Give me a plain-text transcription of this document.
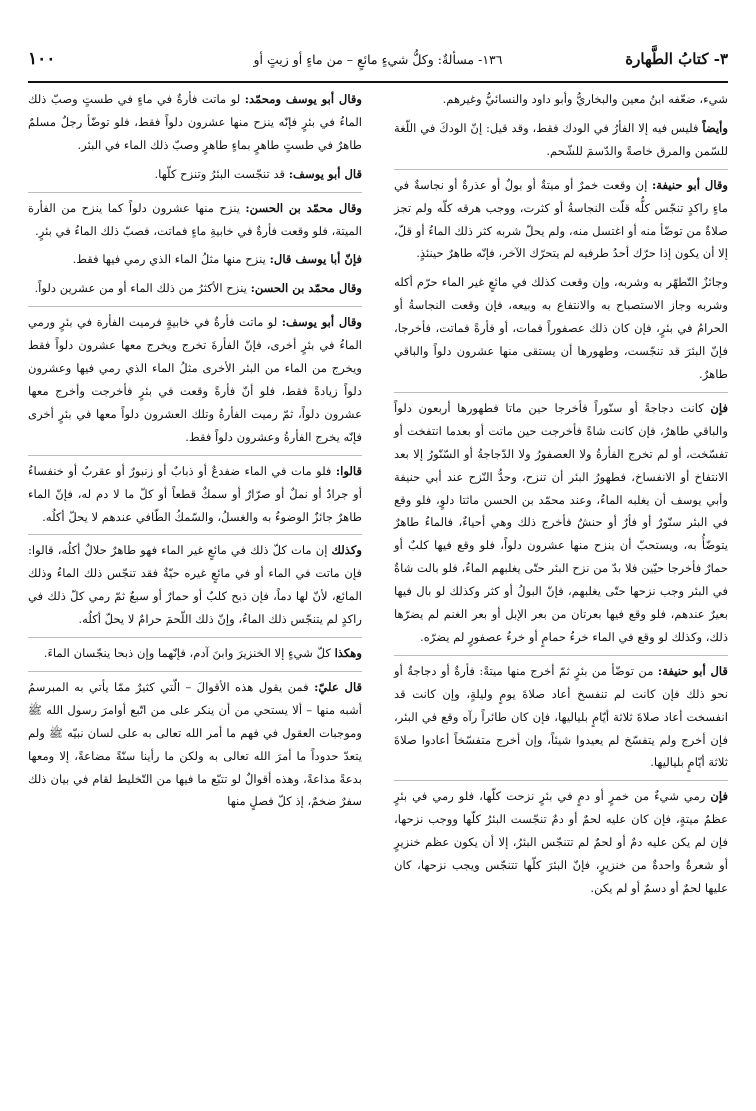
٣- كتابُ الطَّهارة
١٣٦- مسألةٌ: وكلُّ شيءٍ مائعٍ – من ماءٍ أو زيتٍ أو
١٠٠

شيء، ضعّفه ابنُ معين والبخاريُّ وأبو داود والنسائيُّ وغيرهم.

وأيضاً فليس فيه إلا الفأرُ في الودك فقط، وقد قيل: إنّ الودكَ في اللّغة للسّمن والمرق خاصةً والدّسمَ للشّحم.

وقال أبو حنيفة: إن وقعت خمرٌ أو ميتةٌ أو بولٌ أو عذرةٌ أو نجاسةٌ في ماءٍ راكدٍ تنجّس كلُّه قلّت النجاسةُ أو كثرت، ووجب هرقه كلّه ولم تجز صلاةٌ من توضّأ منه أو اغتسل منه، ولم يحلّ شربه كثر ذلك الماءُ أو قلّ، إلا أن يكون إذا حرّك أحدُ طرفيه لم يتحرّك الآخر، فإنّه طاهرٌ حينئذٍ.

وجائزٌ التّطهّر به وشربه، وإن وقعت كذلك في مائعٍ غير الماء حرّم أكله وشربه وجاز الاستصباح به والانتفاع به وبيعه، فإن وقعت النجاسةُ أو الحرامُ في بئرٍ، فإن كان ذلك عصفوراً فمات، أو فأرةً فماتت، فأخرجا، فإنّ البئرَ قد تنجّست، وطهورها أن يستقى منها عشرون دلواً والباقي طاهرٌ.

فإن كانت دجاجةً أو سنّوراً فأخرجا حين ماتا فطهورها أربعون دلواً والباقي طاهرٌ، فإن كانت شاةً فأخرجت حين ماتت أو بعدما انتفخت أو تفسّخت، أو لم تخرج الفأرةُ ولا العصفورُ ولا الدّجاجةُ أو السّنّورُ إلا بعد الانتفاخ أو الانفساخ، فطهورُ البئر أن تنزح، وحدُّ النّزح عند أبي حنيفة وأبي يوسف أن يغلبه الماءُ، وعند محمّد بن الحسن ماثتا دلوٍ، فلو وقع في البئر سنّورٌ أو فأرٌ أو حنشٌ فأخرج ذلك وهي أحياءٌ، فالماءُ طاهرٌ يتوضّأُ به، ويستحبّ أن ينزح منها عشرون دلواً، فلو وقع فيها كلبٌ أو حمارٌ فأخرجا حيّين فلا بدّ من نزح البئر حتّى يغلبهم الماءُ، فلو بالت شاةٌ في البئر وجب نزحها حتّى يغلبهم، فإنّ البولُ أو كثر وكذلك لو بال فيها بعيرٌ عندهم، فلو وقع فيها بعرتان من بعر الإبل أو بعر الغنم لم يضرّها ذلك، وكذلك لو وقع في الماء خرءُ حمامٍ أو خرءُ عصفورٍ لم يضرّه.

قال أبو حنيفة: من توضّأ من بئرٍ ثمّ أخرج منها ميتةً: فأرةٌ أو دجاجةٌ أو نحو ذلك فإن كانت لم تنفسخ أعاد صلاةَ يومٍ وليلةٍ، وإن كانت قد انفسخت أعاد صلاةَ ثلاثة أيّامٍ بلياليها، فإن كان طائراً رآه وقع في البئر، فإن أخرج ولم يتفسّخ لم يعيدوا شيئاً، وإن أخرج متفسّخاً أعادوا صلاةَ ثلاثة أيّامٍ بلياليها.

فإن رمي شيءٌ من خمرٍ أو دمٍ في بئرٍ نزحت كلّها، فلو رمي في بئرٍ عظمٌ ميتةٍ، فإن كان عليه لحمٌ أو دمٌ تنجّست البئرُ كلّها ووجب نزحها، فإن لم يكن عليه دمٌ أو لحمٌ لم تتنجّس البئرُ، إلا أن يكون عظم خنزيرٍ أو شعرةٌ واحدةٌ من خنزيرٍ، فإنّ البئرَ كلّها تتنجّس ويجب نزحها، كان عليها لحمٌ أو دسمٌ أو لم يكن.

وقال أبو يوسف ومحمّد: لو ماتت فأرةٌ في ماءٍ في طستٍ وصبّ ذلك الماءُ في بئرٍ فإنّه ينزح منها عشرون دلواً فقط، فلو توضّأ رجلٌ مسلمٌ طاهرٌ في طستٍ طاهرٍ بماءٍ طاهرٍ وصبّ ذلك الماء في البئر.

قال أبو يوسف: قد تنجّست البئرُ وتنزح كلّها.

وقال محمّد بن الحسن: ينزح منها عشرون دلواً كما ينزح من الفأرة الميتة، فلو وقعت فأرةٌ في خابيةِ ماءٍ فماتت، فصبّ ذلك الماءُ في بئرٍ.

فإنّ أبا يوسف قال: ينزح منها مثلُ الماء الذي رمي فيها فقط.

وقال محمّد بن الحسن: ينزح الأكثرُ من ذلك الماء أو من عشرين دلواً.

وقال أبو يوسف: لو ماتت فأرةٌ في خابيةٍ فرميت الفأرة في بئرٍ ورمي الماءُ في بئرٍ أخرى، فإنّ الفأرةَ تخرج ويخرج معها عشرون دلواً فقط ويخرج من الماء من البئر الأخرى مثلُ الماء الذي رمي فيها وعشرون دلواً زيادةً فقط، فلو أنّ فأرةً وقعت في بئرٍ فأخرجت وأخرج معها عشرون دلواً، ثمّ رميت الفأرةُ وتلك العشرون دلواً معها في بئرٍ أخرى فإنّه يخرج الفأرةُ وعشرون دلواً فقط.

قالوا: فلو مات في الماء ضفدعٌ أو ذبابٌ أو زنبورٌ أو عقربٌ أو خنفساءُ أو جرادٌ أو نملٌ أو صرّارٌ أو سمكٌ قطعاً أو كلّ ما لا دم له، فإنّ الماء طاهرٌ جائزٌ الوضوءُ به والغسلُ، والسّمكُ الطّافي عندهم لا يحلّ أكلُه.

وكذلك إن مات كلّ ذلك في مائعٍ غير الماء فهو طاهرٌ حلالٌ أكلُه، قالوا: فإن ماتت في الماء أو في مائعٍ غيره حيّةٌ فقد تنجّس ذلك الماءُ وذلك المائع، لأنّ لها دماً، فإن ذبح كلبٌ أو حمارٌ أو سبعٌ ثمّ رمي كلّ ذلك في راكدٍ لم يتنجّس ذلك الماءُ، وإنّ ذلك اللّحمَ حرامٌ لا يحلّ أكلُه.

وهكذا كلّ شيءٍ إلا الخنزيرَ وابنَ آدم، فإنّهما وإن ذبحا ينجّسان الماءَ.

قال عليّ: فمن يقول هذه الأقوالَ – الّتي كثيرٌ ممّا يأتي به المبرسمُ أشبه منها – ألا يستحي من أن ينكر على من اتّبع أوامرَ رسول الله ﷺ وموجبات العقول في فهم ما أمر الله تعالى به على لسان نبيّه ﷺ ولم يتعدّ حدوداً ما أمرَ الله تعالى به ولكن ما رأينا سنّةً مضاعةً، إلا ومعها بدعةً مذاعةً، وهذه أقوالٌ لو تتبّع ما فيها من التّخليط لقام في بيان ذلك سفرٌ ضخمٌ، إذ كلّ فصلٍ منها
